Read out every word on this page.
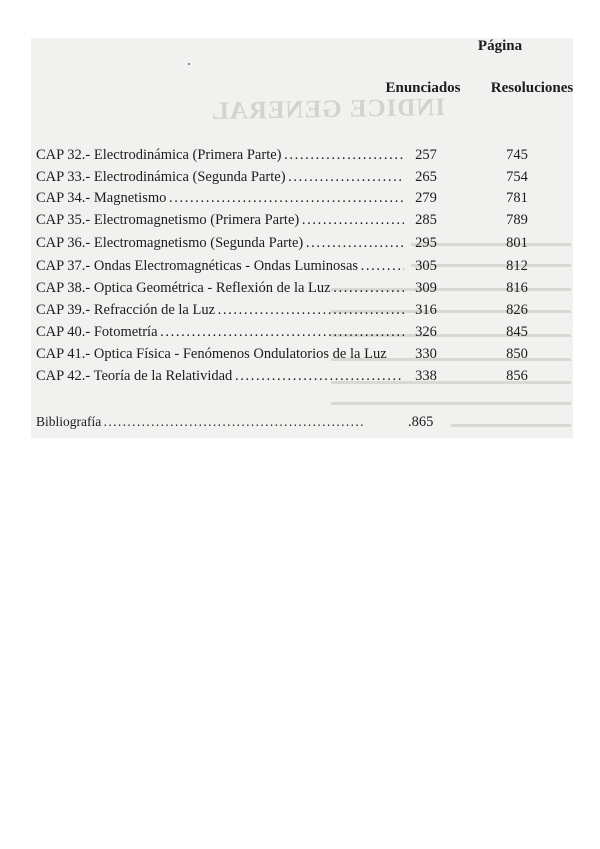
INDICE GENERAL
Página
Enunciados	Resoluciones
CAP 32.- Electrodinámica (Primera Parte) . . .	257	745
CAP 33.- Electrodinámica (Segunda Parte) . . .	265	754
CAP 34.- Magnetismo . . .	279	781
CAP 35.- Electromagnetismo (Primera Parte) . . .	285	789
CAP 36.- Electromagnetismo (Segunda Parte) . . .	295	801
CAP 37.- Ondas Electromagnéticas - Ondas Luminosas . . .	305	812
CAP 38.- Optica Geométrica - Reflexión de la Luz . . .	309	816
CAP 39.- Refracción de la Luz . . .	316	826
CAP 40.- Fotometría . . .	326	845
CAP 41.- Optica Física - Fenómenos Ondulatorios de la Luz	330	850
CAP 42.- Teoría de la Relatividad . . .	338	856
Bibliografía . . .	.865
